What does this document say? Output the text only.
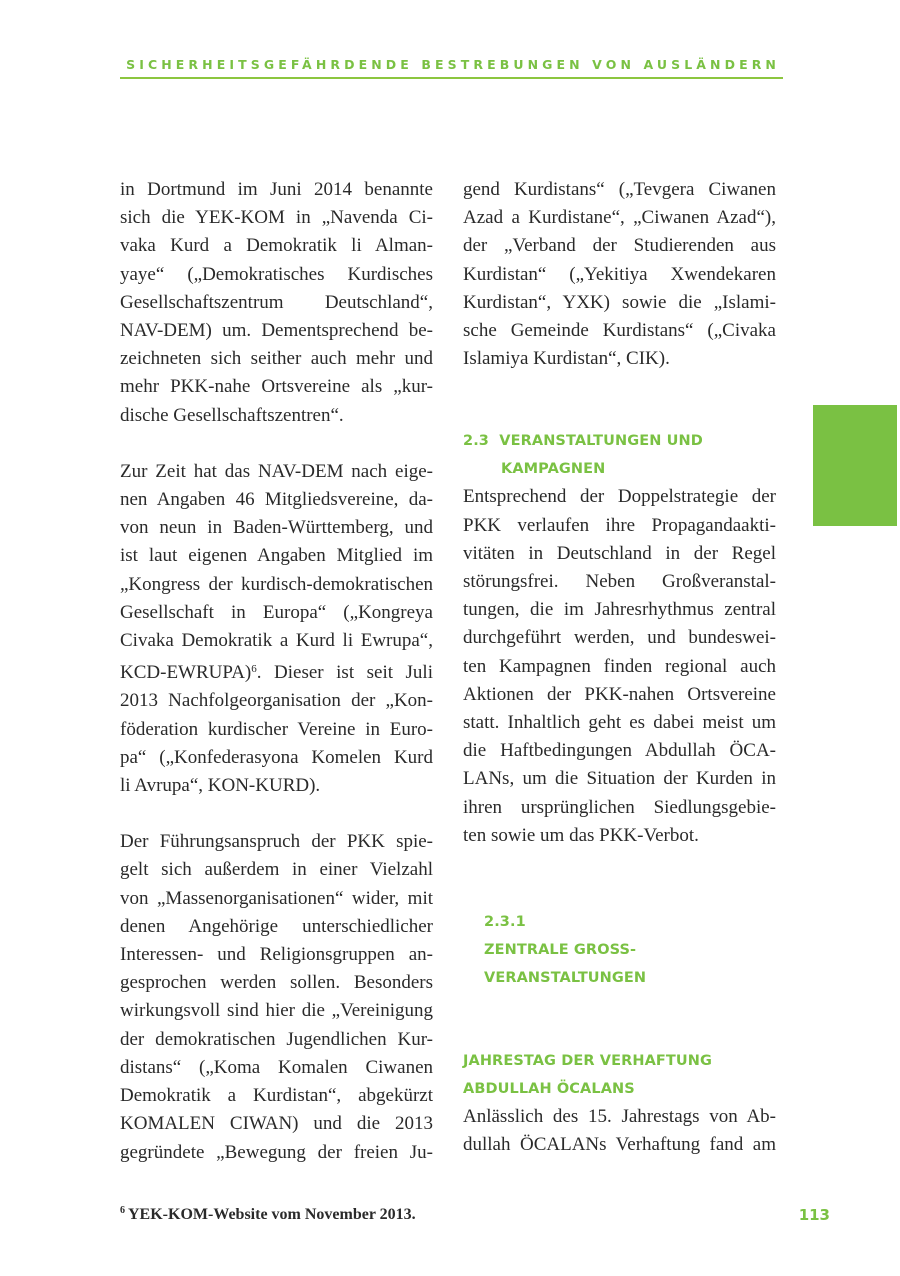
SICHERHEITSGEFÄHRDENDE BESTREBUNGEN VON AUSLÄNDERN

in Dortmund im Juni 2014 benannte

sich die YEK-KOM in „Navenda Ci-

vaka Kurd a Demokratik li Alman-

yaye“ („Demokratisches Kurdisches

Gesellschaftszentrum Deutschland“,

NAV-DEM) um. Dementsprechend be-

zeichneten sich seither auch mehr und

mehr PKK-nahe Ortsvereine als „kur-

dische Gesellschaftszentren“.

Zur Zeit hat das NAV-DEM nach eige-

nen Angaben 46 Mitgliedsvereine, da-

von neun in Baden-Württemberg, und

ist laut eigenen Angaben Mitglied im

„Kongress der kurdisch-demokratischen

Gesellschaft in Europa“ („Kongreya

Civaka Demokratik a Kurd li Ewrupa“,

KCD-EWRUPA)$^6$. Dieser ist seit Juli

2013 Nachfolgeorganisation der „Kon-

föderation kurdischer Vereine in Euro-

pa“ („Konfederasyona Komelen Kurd

li Avrupa“, KON-KURD).

Der Führungsanspruch der PKK spie-

gelt sich außerdem in einer Vielzahl

von „Massenorganisationen“ wider, mit

denen Angehörige unterschiedlicher

Interessen- und Religionsgruppen an-

gesprochen werden sollen. Besonders

wirkungsvoll sind hier die „Vereinigung

der demokratischen Jugendlichen Kur-

distans“ („Koma Komalen Ciwanen

Demokratik a Kurdistan“, abgekürzt

KOMALEN CIWAN) und die 2013

gegründete „Bewegung der freien Ju-

gend Kurdistans“ („Tevgera Ciwanen

Azad a Kurdistane“, „Ciwanen Azad“),

der „Verband der Studierenden aus

Kurdistan“ („Yekitiya Xwendekaren

Kurdistan“, YXK) sowie die „Islami-

sche Gemeinde Kurdistans“ („Civaka

Islamiya Kurdistan“, CIK).

2.3  VERANSTALTUNGEN UND
KAMPAGNEN

Entsprechend der Doppelstrategie der

PKK verlaufen ihre Propagandaakti-

vitäten in Deutschland in der Regel

störungsfrei. Neben Großveranstal-

tungen, die im Jahresrhythmus zentral

durchgeführt werden, und bundeswei-

ten Kampagnen finden regional auch

Aktionen der PKK-nahen Ortsvereine

statt. Inhaltlich geht es dabei meist um

die Haftbedingungen Abdullah ÖCA-

LANs, um die Situation der Kurden in

ihren ursprünglichen Siedlungsgebie-

ten sowie um das PKK-Verbot.

2.3.1
ZENTRALE GROSS-
VERANSTALTUNGEN
JAHRESTAG DER VERHAFTUNG
ABDULLAH ÖCALANS

Anlässlich des 15. Jahrestags von Ab-

dullah ÖCALANs Verhaftung fand am

$^6$ YEK-KOM-Website vom November 2013.	113
